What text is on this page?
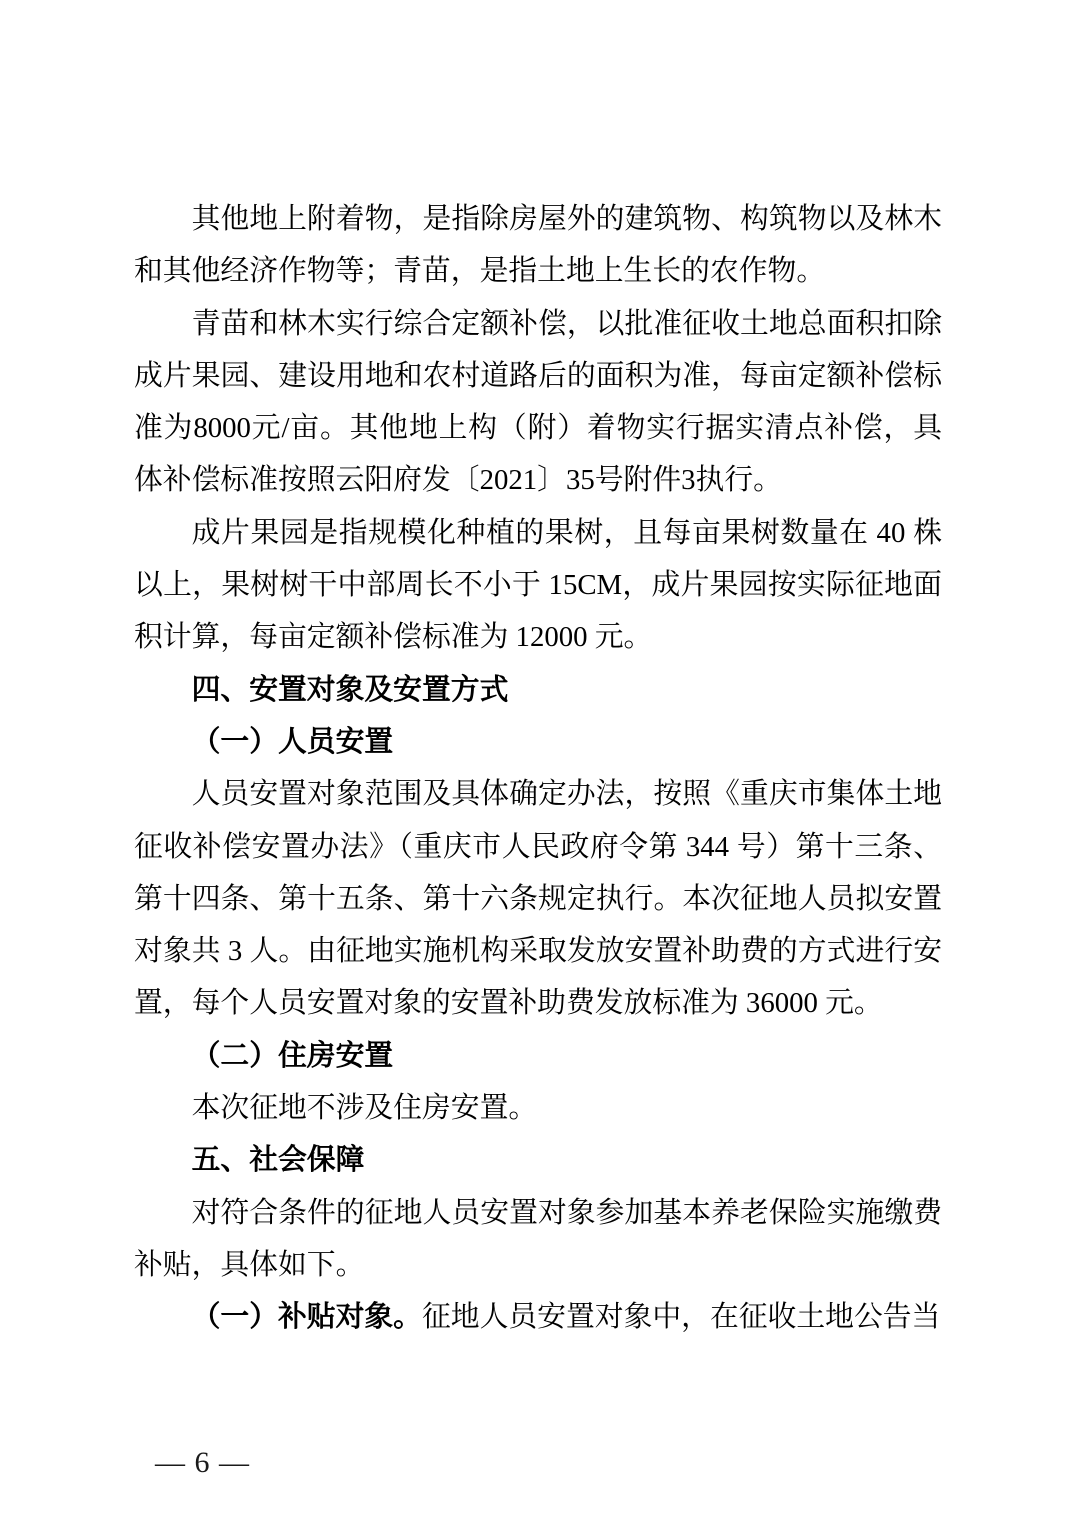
其他地上附着物，是指除房屋外的建筑物、构筑物以及林木和其他经济作物等；青苗，是指土地上生长的农作物。

青苗和林木实行综合定额补偿，以批准征收土地总面积扣除成片果园、建设用地和农村道路后的面积为准，每亩定额补偿标准为8000元/亩。其他地上构（附）着物实行据实清点补偿，具体补偿标准按照云阳府发〔2021〕35号附件3执行。

成片果园是指规模化种植的果树，且每亩果树数量在 40 株以上，果树树干中部周长不小于 15CM，成片果园按实际征地面积计算，每亩定额补偿标准为 12000 元。

四、安置对象及安置方式

（一）人员安置

人员安置对象范围及具体确定办法，按照《重庆市集体土地征收补偿安置办法》（重庆市人民政府令第 344 号）第十三条、第十四条、第十五条、第十六条规定执行。本次征地人员拟安置对象共 3 人。由征地实施机构采取发放安置补助费的方式进行安置，每个人员安置对象的安置补助费发放标准为 36000 元。

（二）住房安置

本次征地不涉及住房安置。

五、社会保障

对符合条件的征地人员安置对象参加基本养老保险实施缴费补贴，具体如下。

（一）补贴对象。征地人员安置对象中，在征收土地公告当

— 6 —
